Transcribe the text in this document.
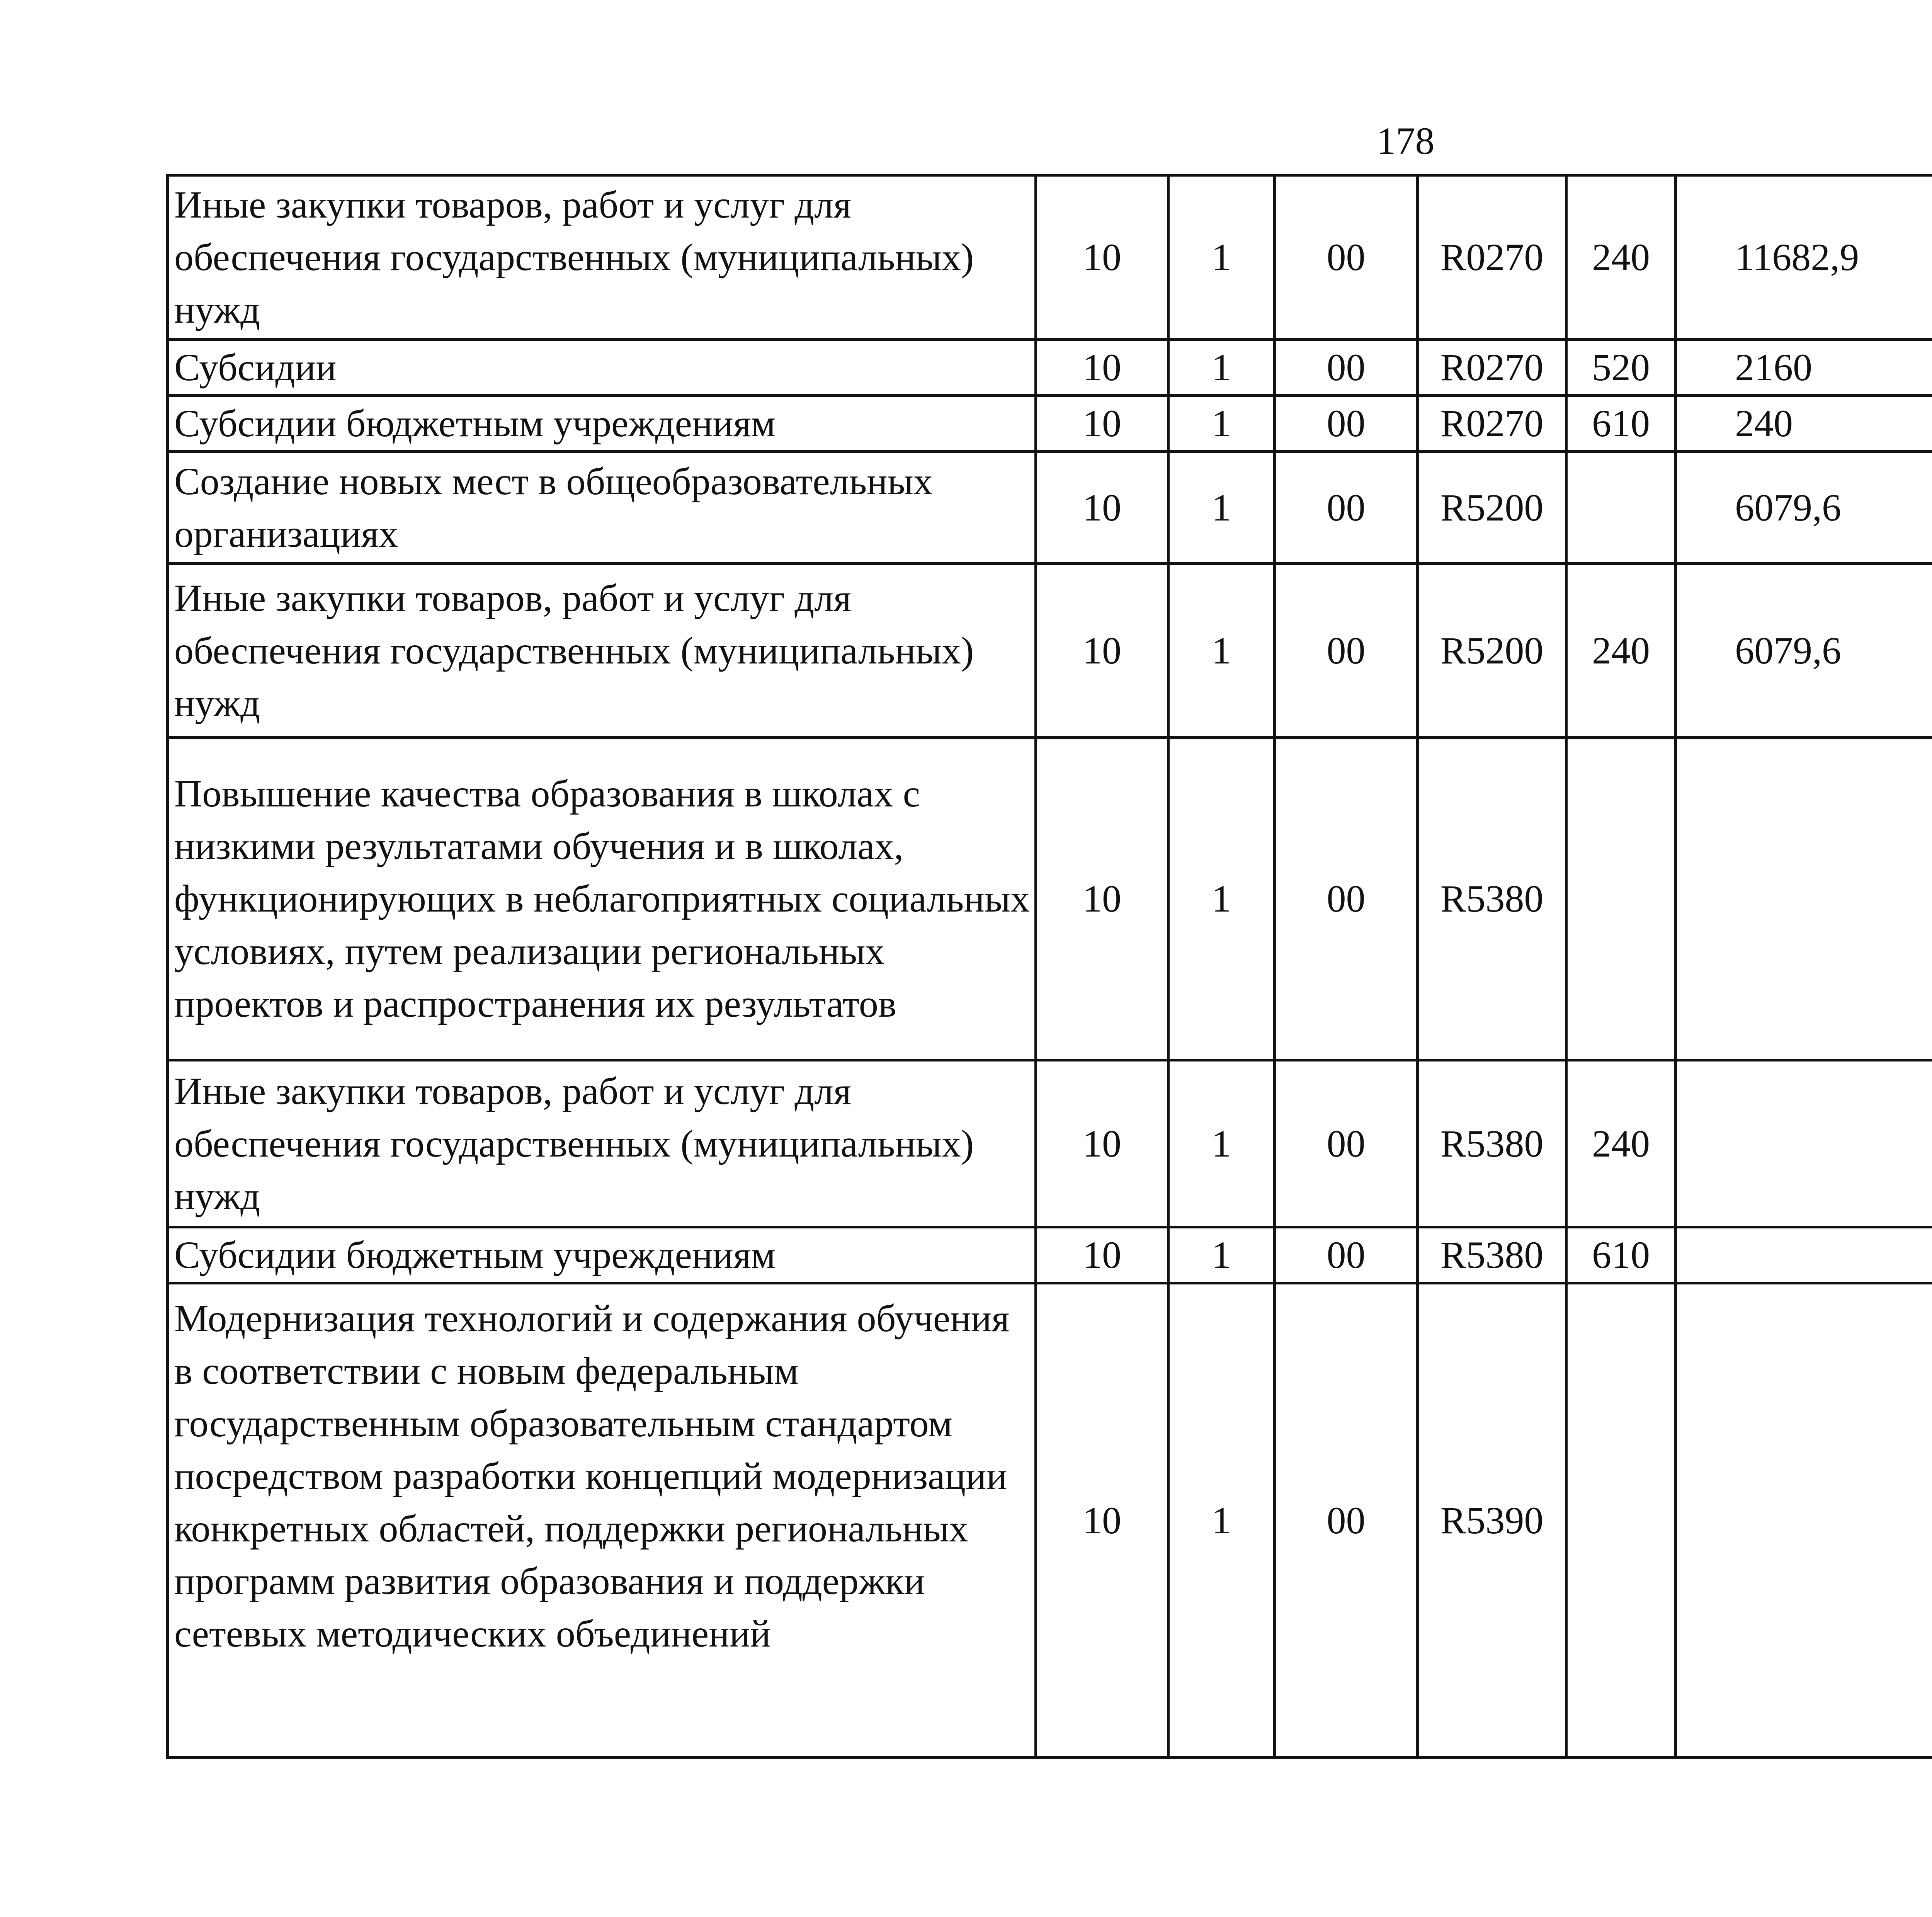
178
Иные закупки товаров, работ и услуг для обеспечения государственных (муниципальных) нужд	10	1	00	R0270	240	11682,9		
Субсидии	10	1	00	R0270	520	2160		
Субсидии бюджетным учреждениям	10	1	00	R0270	610	240		
Создание новых мест в общеобразовательных организациях	10	1	00	R5200		6079,6		
Иные закупки товаров, работ и услуг для обеспечения государственных (муниципальных) нужд	10	1	00	R5200	240	6079,6		
Повышение качества образования в школах с низкими результатами обучения и в школах, функционирующих в неблагоприятных социальных условиях, путем реализации региональных проектов и распространения их результатов	10	1	00	R5380				
Иные закупки товаров, работ и услуг для обеспечения государственных (муниципальных) нужд	10	1	00	R5380	240			
Субсидии бюджетным учреждениям	10	1	00	R5380	610			
Модернизация технологий и содержания обучения в соответствии с новым федеральным государственным образовательным стандартом посредством разработки концепций модернизации конкретных областей, поддержки региональных программ развития образования и поддержки сетевых методических объединений	10	1	00	R5390				
